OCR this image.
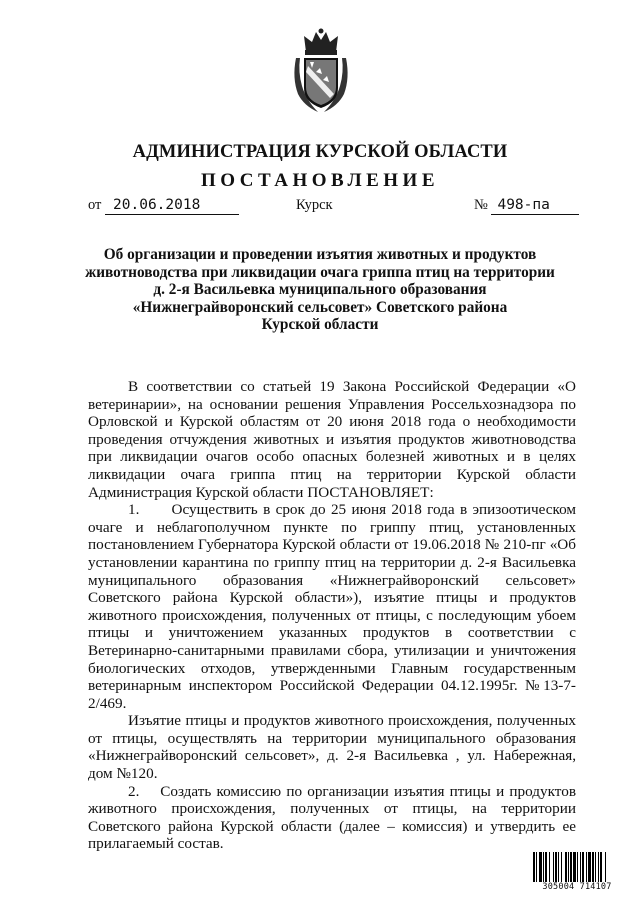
АДМИНИСТРАЦИЯ КУРСКОЙ ОБЛАСТИ
ПОСТАНОВЛЕНИЕ
от 20.06.2018	Курск	№ 498-па
Об организации и проведении изъятия животных и продуктов
животноводства при ликвидации очага гриппа птиц на территории
д. 2-я Васильевка муниципального образования
«Нижнеграйворонский сельсовет» Советского района
Курской области

В соответствии со статьей 19 Закона Российской Федерации «О ветеринарии», на основании решения Управления Россельхознадзора по Орловской и Курской областям от 20 июня 2018 года о необходимости проведения отчуждения животных и изъятия продуктов животноводства при ликвидации очагов особо опасных болезней животных и в целях ликвидации очага гриппа птиц на территории Курской области Администрация Курской области ПОСТАНОВЛЯЕТ:

1.      Осуществить в срок до 25 июня 2018 года в эпизоотическом очаге и неблагополучном пункте по гриппу птиц, установленных постановлением Губернатора Курской области от 19.06.2018 № 210-пг «Об установлении карантина по гриппу птиц на территории д. 2-я Васильевка муниципального образования «Нижнеграйворонский сельсовет» Советского района Курской области»), изъятие птицы и продуктов животного происхождения, полученных от птицы, с последующим убоем птицы и уничтожением указанных продуктов в соответствии с Ветеринарно-санитарными правилами сбора, утилизации и уничтожения биологических отходов, утвержденными Главным государственным ветеринарным инспектором Российской Федерации 04.12.1995г. №13-7-2/469.

Изъятие птицы и продуктов животного происхождения, полученных от птицы, осуществлять на территории муниципального образования «Нижнеграйворонский сельсовет», д. 2-я Васильевка , ул. Набережная, дом №120.

2.    Создать комиссию по организации изъятия птицы и продуктов животного происхождения, полученных от птицы, на территории Советского района Курской области (далее – комиссия) и утвердить ее прилагаемый состав.

305004 714107
